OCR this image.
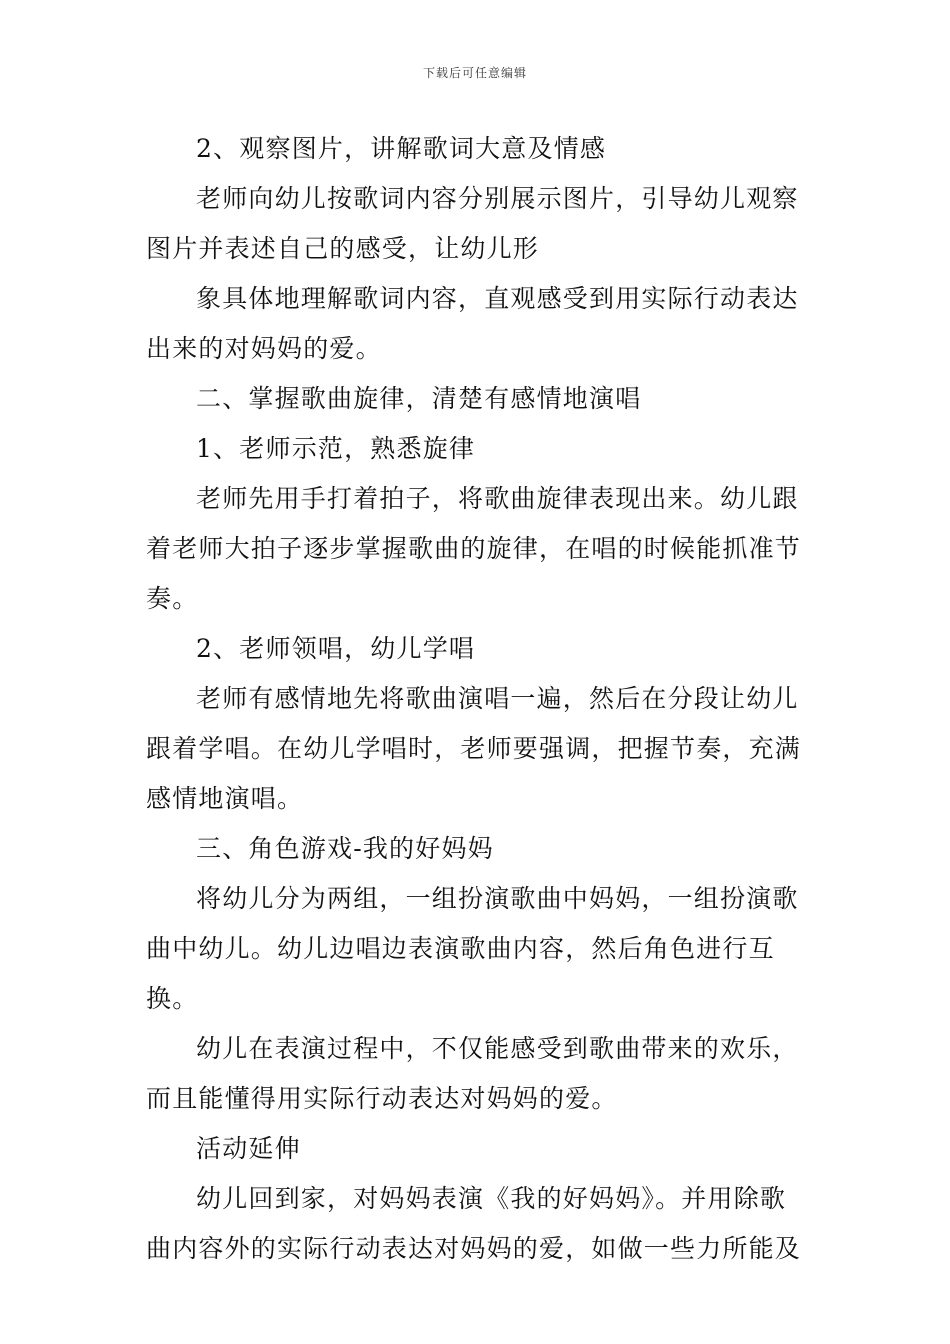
下载后可任意编辑

2、观察图片，讲解歌词大意及情感

老师向幼儿按歌词内容分别展示图片，引导幼儿观察图片并表述自己的感受，让幼儿形

象具体地理解歌词内容，直观感受到用实际行动表达出来的对妈妈的爱。

二、掌握歌曲旋律，清楚有感情地演唱

1、老师示范，熟悉旋律

老师先用手打着拍子，将歌曲旋律表现出来。幼儿跟着老师大拍子逐步掌握歌曲的旋律，在唱的时候能抓准节奏。

2、老师领唱，幼儿学唱

老师有感情地先将歌曲演唱一遍，然后在分段让幼儿跟着学唱。在幼儿学唱时，老师要强调，把握节奏，充满感情地演唱。

三、角色游戏-我的好妈妈

将幼儿分为两组，一组扮演歌曲中妈妈，一组扮演歌曲中幼儿。幼儿边唱边表演歌曲内容，然后角色进行互换。

幼儿在表演过程中，不仅能感受到歌曲带来的欢乐，而且能懂得用实际行动表达对妈妈的爱。

活动延伸

幼儿回到家，对妈妈表演《我的好妈妈》。并用除歌曲内容外的实际行动表达对妈妈的爱，如做一些力所能及
